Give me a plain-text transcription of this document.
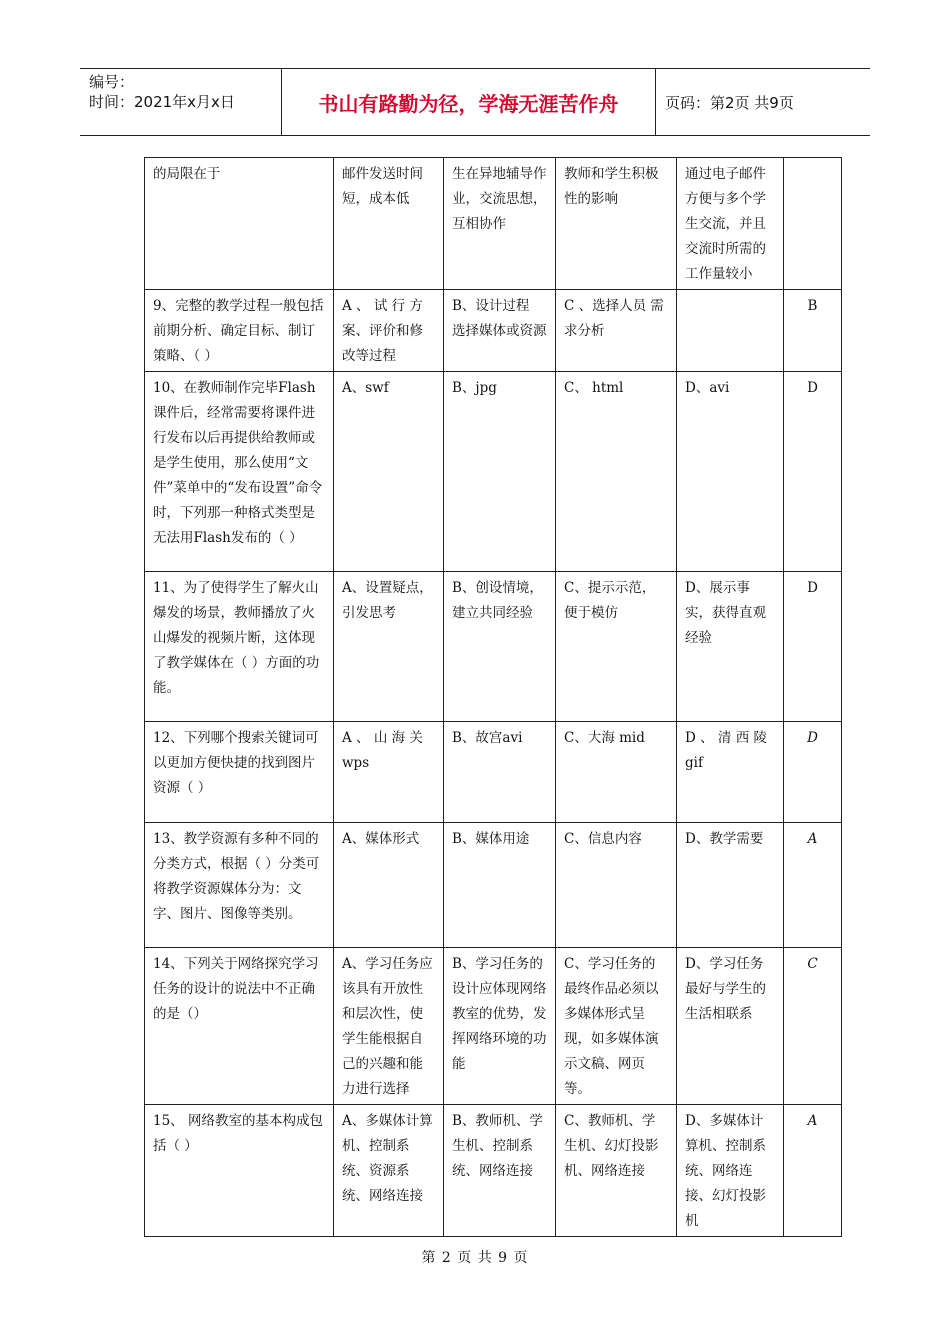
编号：
时间：2021年x月x日	书山有路勤为径，学海无涯苦作舟	页码：第2页 共9页
的局限在于	邮件发送时间短，成本低	生在异地辅导作业，交流思想，互相协作	教师和学生积极性的影响	通过电子邮件方便与多个学生交流，并且交流时所需的工作量较小	
9、完整的教学过程一般包括前期分析、确定目标、制订策略、（ ）	A 、 试 行 方案、评价和修改等过程	B、设计过程 选择媒体或资源	C 、选择人员 需求分析		B
10、在教师制作完毕Flash课件后，经常需要将课件进行发布以后再提供给教师或是学生使用，那么使用“文件”菜单中的“发布设置”命令时，下列那一种格式类型是无法用Flash发布的（ ）	A、swf	B、jpg	C、 html	D、avi	D
11、为了使得学生了解火山爆发的场景，教师播放了火山爆发的视频片断，这体现了教学媒体在（ ）方面的功能。	A、设置疑点，引发思考	B、创设情境，建立共同经验	C、提示示范，便于模仿	D、展示事实，获得直观经验	D
12、下列哪个搜索关键词可以更加方便快捷的找到图片资源（ ）	A 、 山 海 关 wps	B、故宫avi	C、大海 mid	D 、 清 西 陵 gif	D
13、教学资源有多种不同的分类方式，根据（ ）分类可将教学资源媒体分为：文字、图片、图像等类别。	A、媒体形式	B、媒体用途	C、信息内容	D、教学需要	A
14、下列关于网络探究学习任务的设计的说法中不正确的是（）	A、学习任务应该具有开放性和层次性，使学生能根据自己的兴趣和能力进行选择	B、学习任务的设计应体现网络教室的优势，发挥网络环境的功能	C、学习任务的最终作品必须以多媒体形式呈现，如多媒体演示文稿、网页等。	D、学习任务最好与学生的生活相联系	C
15、 网络教室的基本构成包括（ ）	A、多媒体计算机、控制系统、资源系统、网络连接	B、教师机、学生机、控制系统、网络连接	C、教师机、学生机、幻灯投影机、网络连接	D、多媒体计算机、控制系统、网络连接、幻灯投影机	A
第 2 页 共 9 页
